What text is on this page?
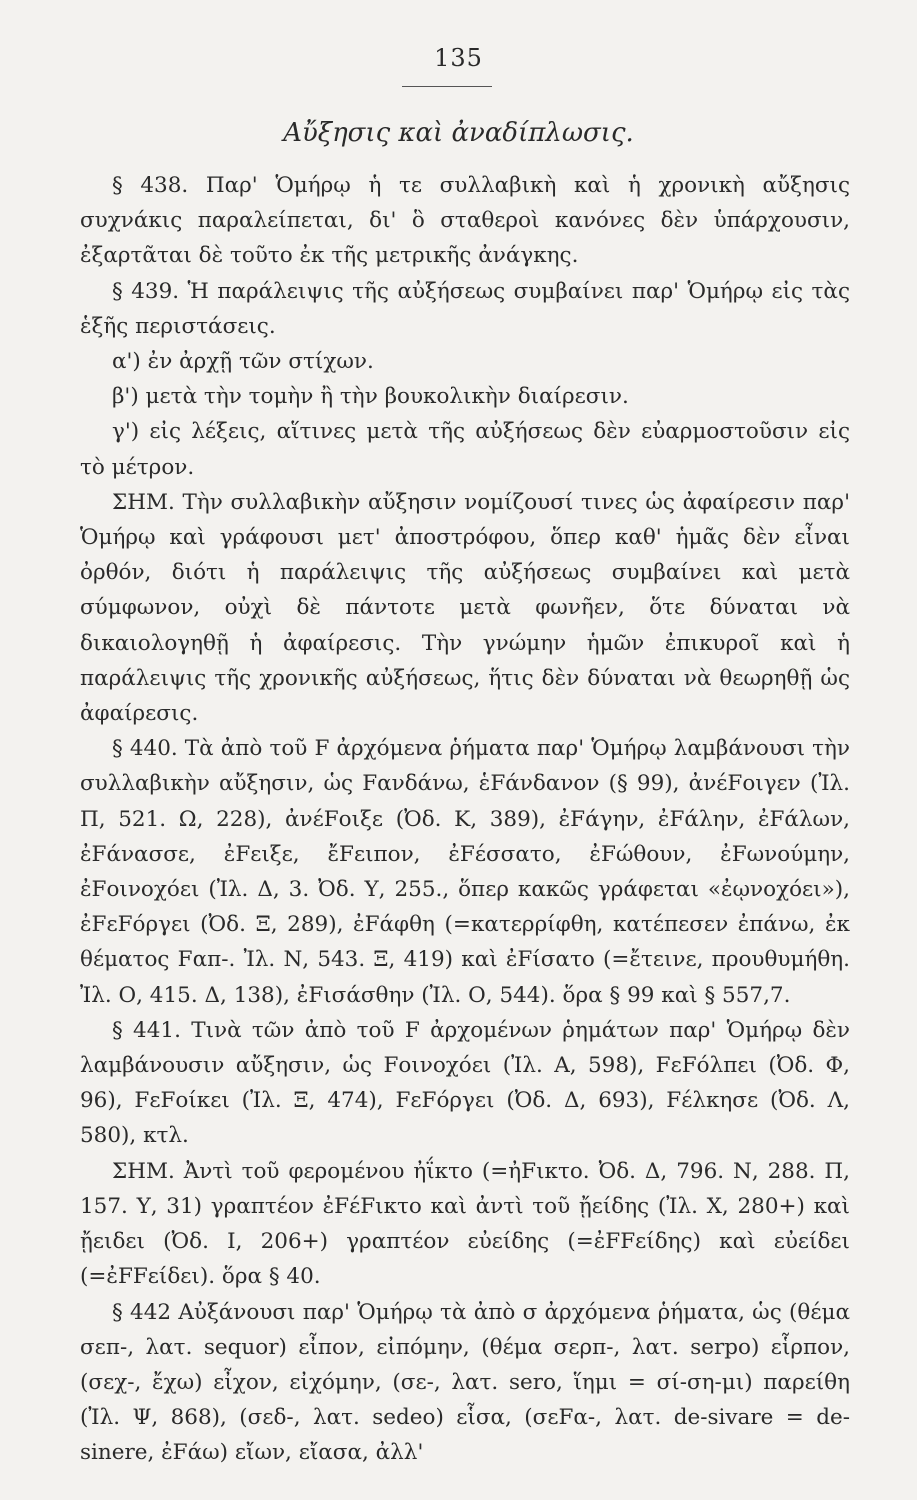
135
Αὔξησις καὶ ἀναδίπλωσις.

§ 438. Παρ' Ὁμήρῳ ἡ τε συλλαβικὴ καὶ ἡ χρονικὴ αὔξησις συχνάκις παραλείπεται, δι' ὃ σταθεροὶ κανόνες δὲν ὑπάρχουσιν, ἐξαρτᾶται δὲ τοῦτο ἐκ τῆς μετρικῆς ἀνάγκης.

§ 439. Ἡ παράλειψις τῆς αὐξήσεως συμβαίνει παρ' Ὁμήρῳ εἰς τὰς ἑξῆς περιστάσεις.

α') ἐν ἀρχῇ τῶν στίχων.

β') μετὰ τὴν τομὴν ἢ τὴν βουκολικὴν διαίρεσιν.

γ') εἰς λέξεις, αἵτινες μετὰ τῆς αὐξήσεως δὲν εὐαρμοστοῦσιν εἰς τὸ μέτρον.

ΣΗΜ. Τὴν συλλαβικὴν αὔξησιν νομίζουσί τινες ὡς ἀφαίρεσιν παρ' Ὁμήρῳ καὶ γράφουσι μετ' ἀποστρόφου, ὅπερ καθ' ἡμᾶς δὲν εἶναι ὀρθόν, διότι ἡ παράλειψις τῆς αὐξήσεως συμβαίνει καὶ μετὰ σύμφωνον, οὐχὶ δὲ πάντοτε μετὰ φωνῆεν, ὅτε δύναται νὰ δικαιολογηθῇ ἡ ἀφαίρεσις. Τὴν γνώμην ἡμῶν ἐπικυροῖ καὶ ἡ παράλειψις τῆς χρονικῆς αὐξήσεως, ἥτις δὲν δύναται νὰ θεωρηθῇ ὡς ἀφαίρεσις.

§ 440. Τὰ ἀπὸ τοῦ F ἀρχόμενα ῥήματα παρ' Ὁμήρῳ λαμβάνουσι τὴν συλλαβικὴν αὔξησιν, ὡς Fανδάνω, ἑFάνδανον (§ 99), ἀνέFοιγεν (Ἰλ. Π, 521. Ω, 228), ἀνέFοιξε (Ὀδ. Κ, 389), ἐFάγην, ἐFάλην, ἐFάλων, ἐFάνασσε, ἐFειξε, ἔFειπον, ἐFέσσατο, ἐFώθουν, ἐFωνούμην, ἐFοινοχόει (Ἰλ. Δ, 3. Ὀδ. Υ, 255., ὅπερ κακῶς γράφεται «ἐῳνοχόει»), ἐFεFόργει (Ὀδ. Ξ, 289), ἐFάφθη (=κατερρίφθη, κατέπεσεν ἐπάνω, ἐκ θέματος Fαπ-. Ἰλ. Ν, 543. Ξ, 419) καὶ ἐFίσατο (=ἔτεινε, προυθυμήθη. Ἰλ. Ο, 415. Δ, 138), ἐFισάσθην (Ἰλ. Ο, 544). ὅρα § 99 καὶ § 557,7.

§ 441. Τινὰ τῶν ἀπὸ τοῦ F ἀρχομένων ῥημάτων παρ' Ὁμήρῳ δὲν λαμβάνουσιν αὔξησιν, ὡς Fοινοχόει (Ἰλ. Α, 598), FεFόλπει (Ὀδ. Φ, 96), FεFοίκει (Ἰλ. Ξ, 474), FεFόργει (Ὀδ. Δ, 693), Fέλκησε (Ὀδ. Λ, 580), κτλ.

ΣΗΜ. Ἀντὶ τοῦ φερομένου ἠΐκτο (=ἠFικτο. Ὀδ. Δ, 796. Ν, 288. Π, 157. Υ, 31) γραπτέον ἐFέFικτο καὶ ἀντὶ τοῦ ᾔείδης (Ἰλ. Χ, 280+) καὶ ᾔειδει (Ὀδ. Ι, 206+) γραπτέον εὐείδης (=ἐFFείδης) καὶ εὐείδει (=ἐFFείδει). ὅρα § 40.

§ 442 Αὐξάνουσι παρ' Ὁμήρῳ τὰ ἀπὸ σ ἀρχόμενα ῥήματα, ὡς (θέμα σεπ-, λατ. sequor) εἶπον, εἰπόμην, (θέμα σερπ-, λατ. serpo) εἷρπον, (σεχ-, ἔχω) εἶχον, εἰχόμην, (σε-, λατ. sero, ἵημι = σί-ση-μι) παρείθη (Ἰλ. Ψ, 868), (σεδ-, λατ. sedeo) εἷσα, (σεFα-, λατ. de-sivare = de-sinere, ἐFάω) εἴων, εἴασα, ἀλλ'
